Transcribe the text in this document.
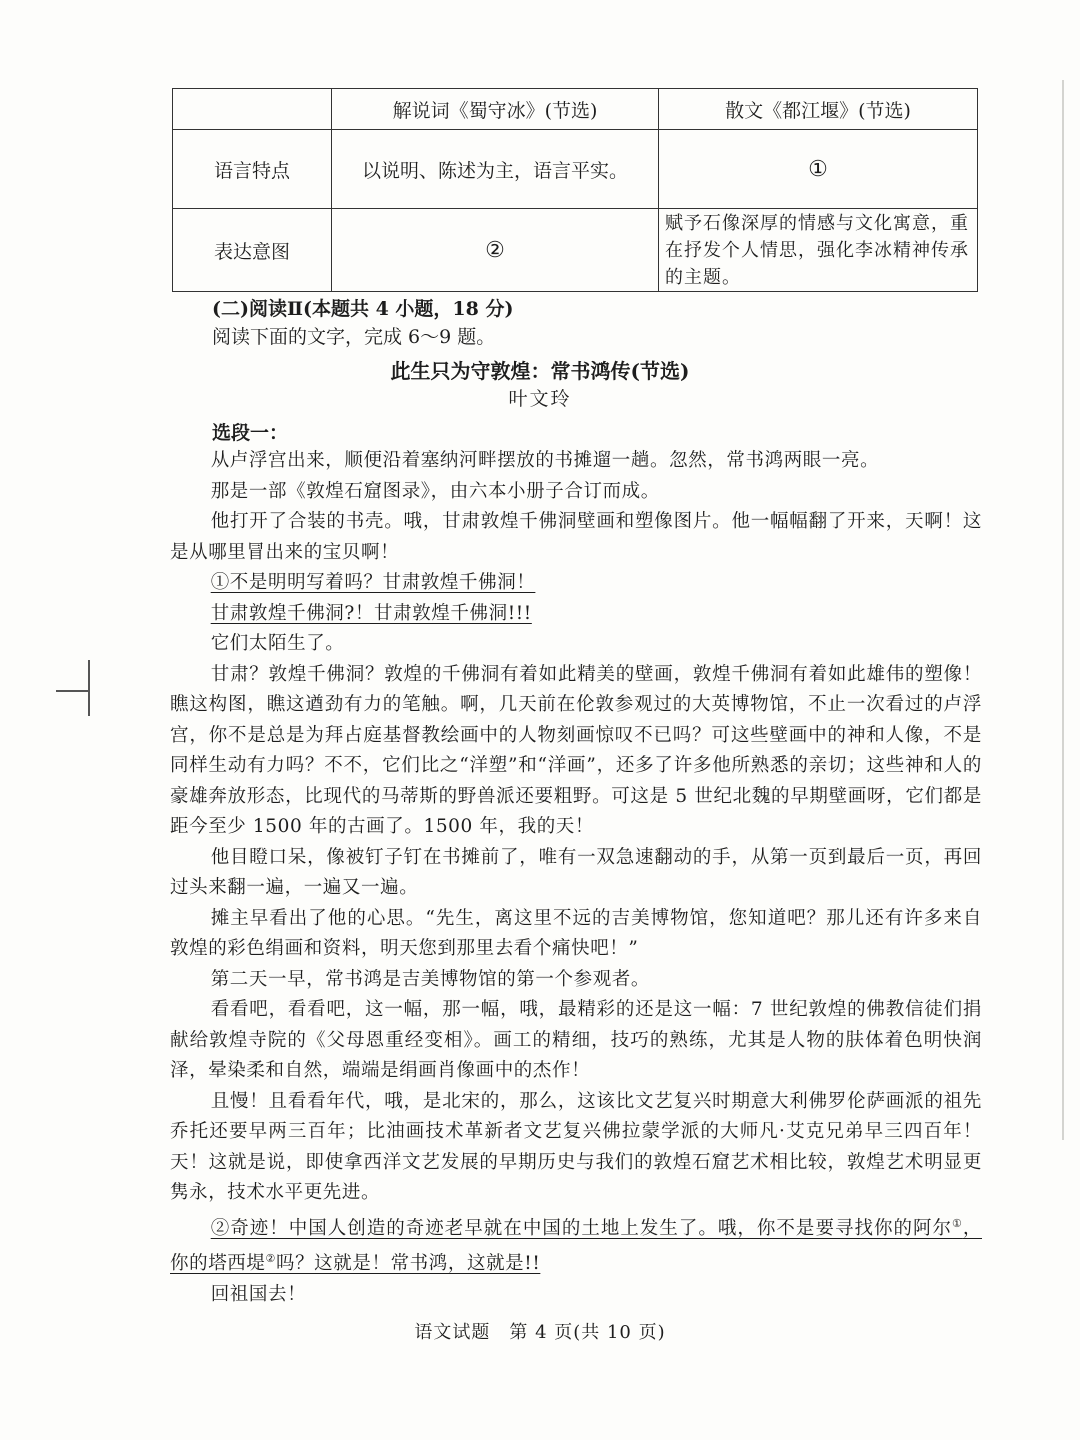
	解说词《蜀守冰》(节选)	散文《都江堰》(节选)
语言特点	以说明、陈述为主，语言平实。	①
表达意图	②	赋予石像深厚的情感与文化寓意，重在抒发个人情思，强化李冰精神传承的主题。
(二)阅读Ⅱ(本题共 4 小题，18 分)
阅读下面的文字，完成 6～9 题。
此生只为守敦煌：常书鸿传(节选)
叶文玲
选段一：

从卢浮宫出来，顺便沿着塞纳河畔摆放的书摊遛一趟。忽然，常书鸿两眼一亮。

那是一部《敦煌石窟图录》，由六本小册子合订而成。

他打开了合装的书壳。哦，甘肃敦煌千佛洞壁画和塑像图片。他一幅幅翻了开来，天啊！这是从哪里冒出来的宝贝啊！

①不是明明写着吗？甘肃敦煌千佛洞！

甘肃敦煌千佛洞?！甘肃敦煌千佛洞!!!

它们太陌生了。

甘肃？敦煌千佛洞？敦煌的千佛洞有着如此精美的壁画，敦煌千佛洞有着如此雄伟的塑像！瞧这构图，瞧这遒劲有力的笔触。啊，几天前在伦敦参观过的大英博物馆，不止一次看过的卢浮宫，你不是总是为拜占庭基督教绘画中的人物刻画惊叹不已吗？可这些壁画中的神和人像，不是同样生动有力吗？不不，它们比之“洋塑”和“洋画”，还多了许多他所熟悉的亲切；这些神和人的豪雄奔放形态，比现代的马蒂斯的野兽派还要粗野。可这是 5 世纪北魏的早期壁画呀，它们都是距今至少 1500 年的古画了。1500 年，我的天！

他目瞪口呆，像被钉子钉在书摊前了，唯有一双急速翻动的手，从第一页到最后一页，再回过头来翻一遍，一遍又一遍。

摊主早看出了他的心思。“先生，离这里不远的吉美博物馆，您知道吧？那儿还有许多来自敦煌的彩色绢画和资料，明天您到那里去看个痛快吧！”

第二天一早，常书鸿是吉美博物馆的第一个参观者。

看看吧，看看吧，这一幅，那一幅，哦，最精彩的还是这一幅：7 世纪敦煌的佛教信徒们捐献给敦煌寺院的《父母恩重经变相》。画工的精细，技巧的熟练，尤其是人物的肤体着色明快润泽，晕染柔和自然，端端是绢画肖像画中的杰作！

且慢！且看看年代，哦，是北宋的，那么，这该比文艺复兴时期意大利佛罗伦萨画派的祖先乔托还要早两三百年；比油画技术革新者文艺复兴佛拉蒙学派的大师凡·艾克兄弟早三四百年！天！这就是说，即使拿西洋文艺发展的早期历史与我们的敦煌石窟艺术相比较，敦煌艺术明显更隽永，技术水平更先进。

②奇迹！中国人创造的奇迹老早就在中国的土地上发生了。哦，你不是要寻找你的阿尔①，你的塔西堤②吗？这就是！常书鸿，这就是!!

回祖国去！

语文试题　第 4 页(共 10 页)
